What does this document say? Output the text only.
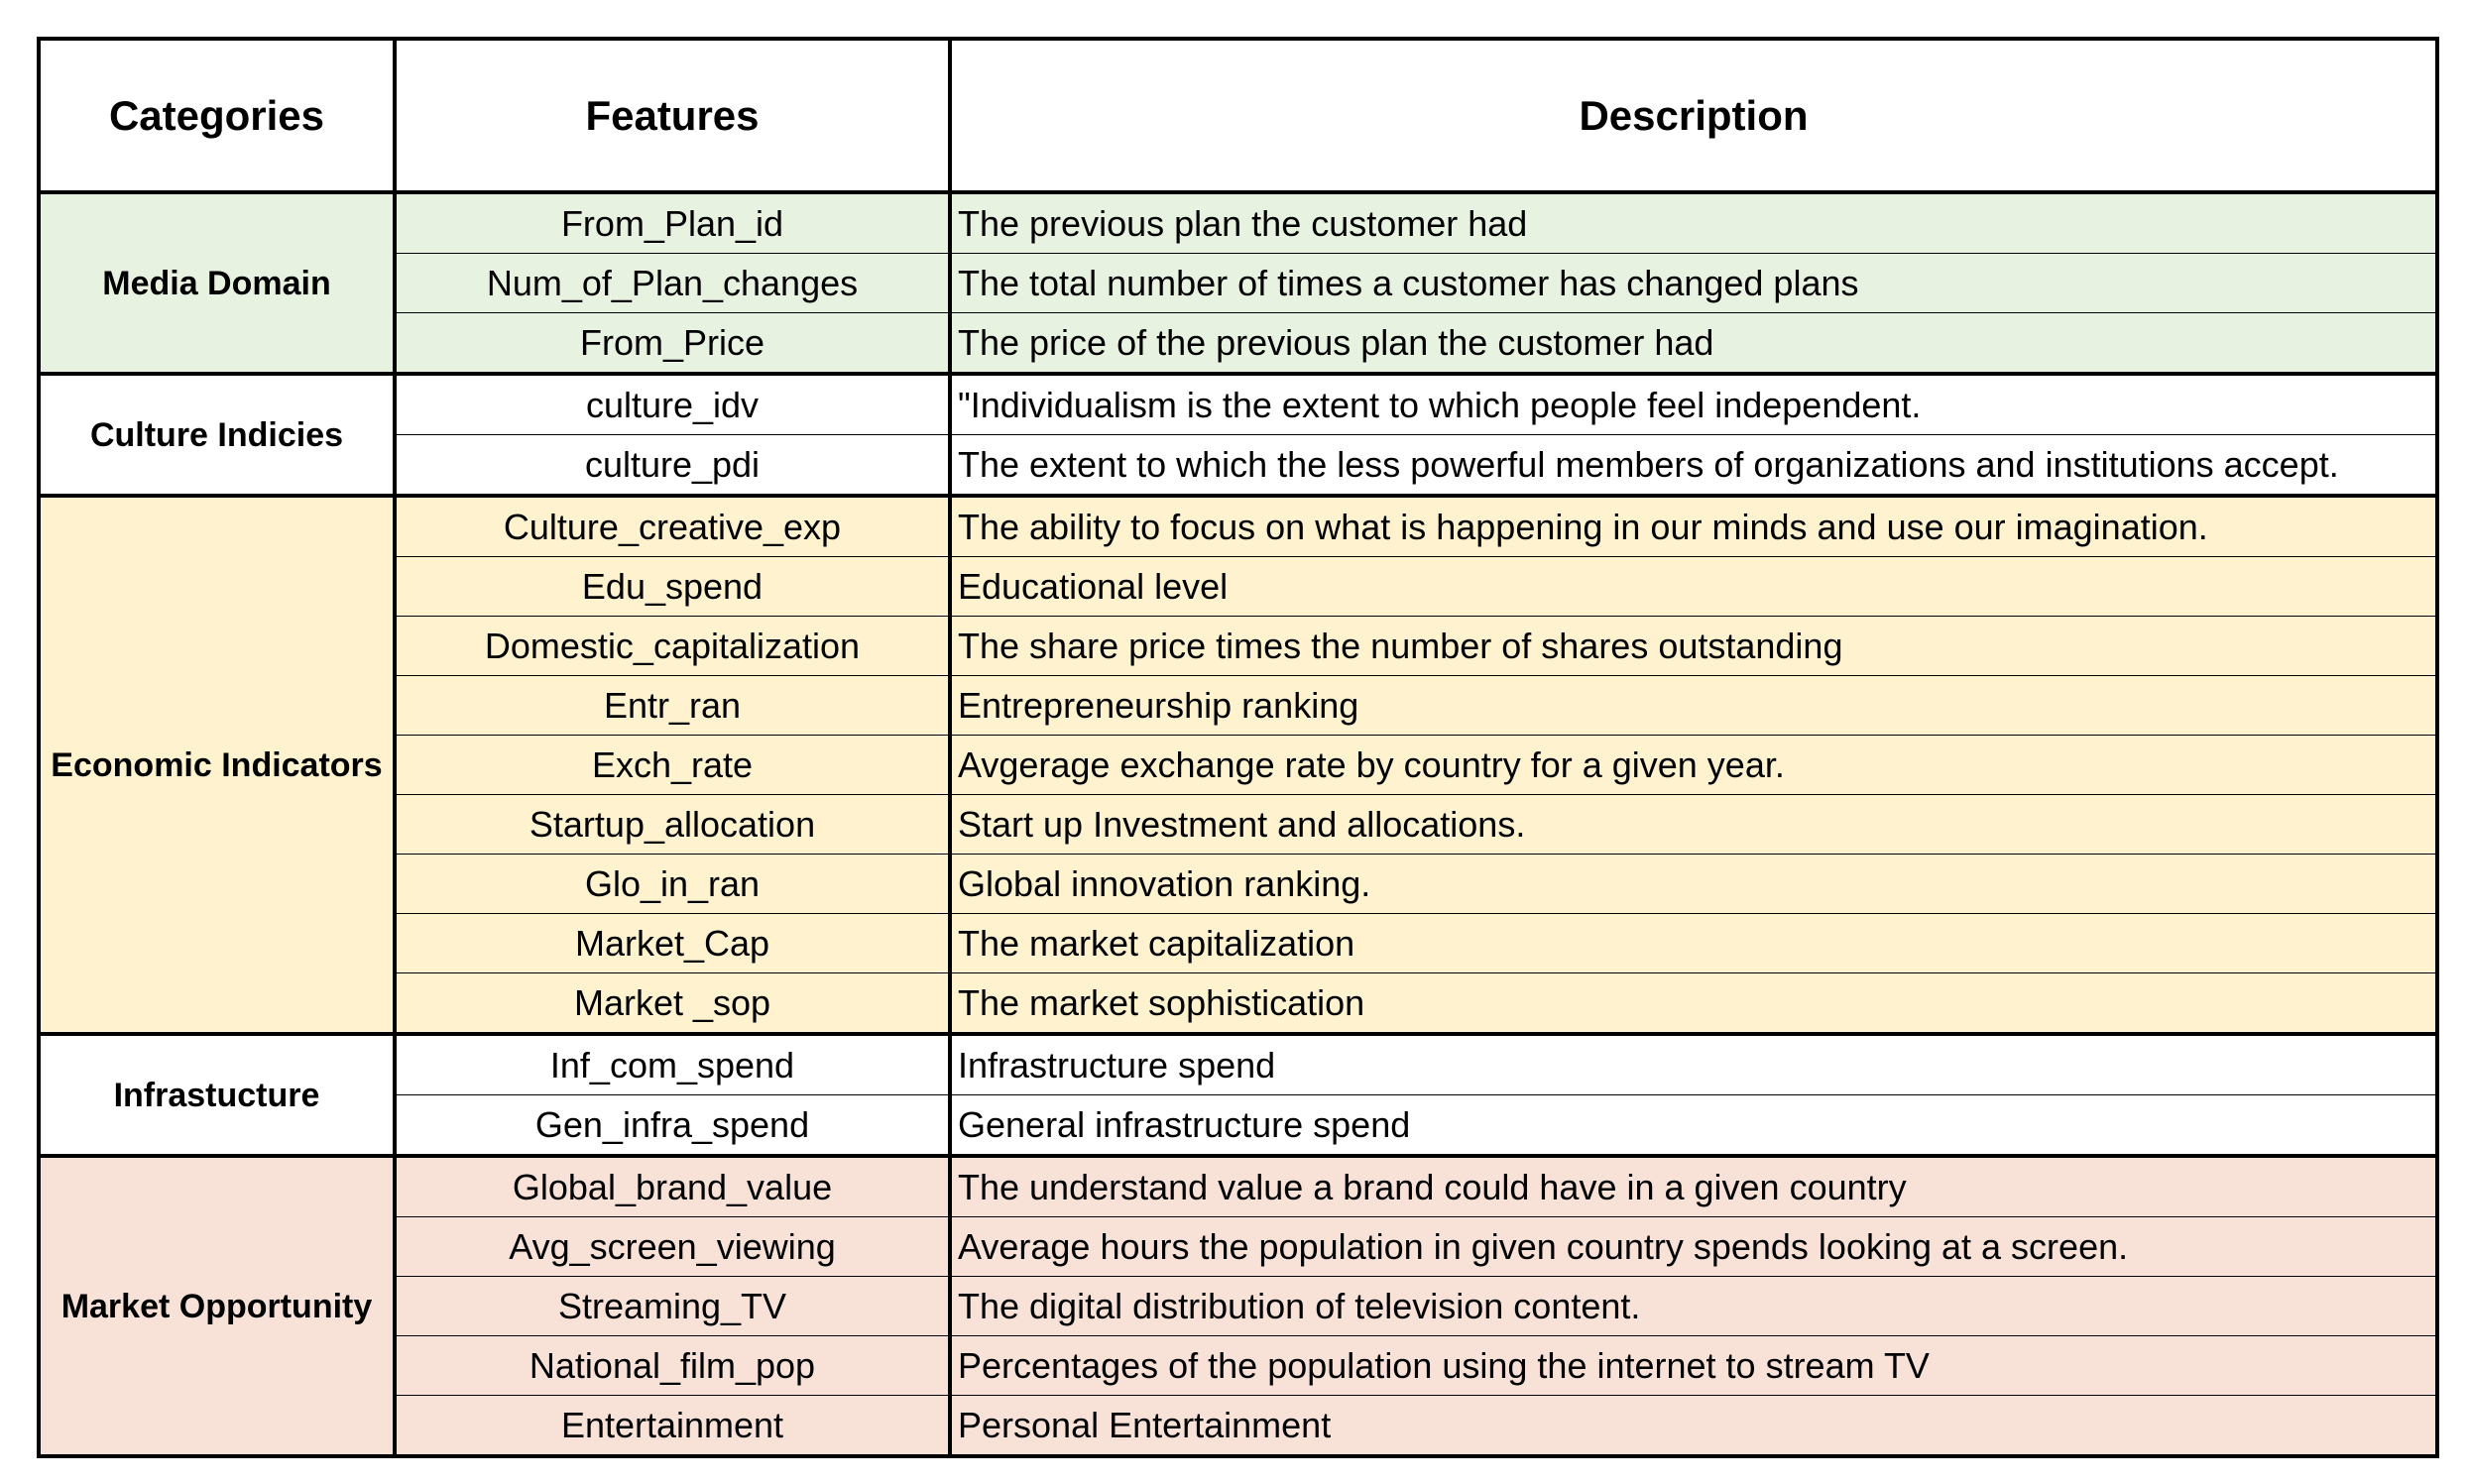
Categories	Features	Description
Media Domain	From_Plan_id	The previous plan the customer had
	Num_of_Plan_changes	The total number of times a customer has changed plans
	From_Price	The price of the previous plan the customer had
Culture Indicies	culture_idv	"Individualism is the extent to which people feel independent.
	culture_pdi	The extent to which the less powerful members of organizations and institutions accept.
Economic Indicators	Culture_creative_exp	The ability to focus on what is happening in our minds and use our imagination.
	Edu_spend	Educational level
	Domestic_capitalization	The share price times the number of shares outstanding
	Entr_ran	Entrepreneurship ranking
	Exch_rate	Avgerage exchange rate by country for a given year.
	Startup_allocation	Start up Investment and allocations.
	Glo_in_ran	Global innovation ranking.
	Market_Cap	The market capitalization
	Market _sop	The market sophistication
Infrastucture	Inf_com_spend	Infrastructure spend
	Gen_infra_spend	General infrastructure spend
Market Opportunity	Global_brand_value	The understand value a brand could have in a given country
	Avg_screen_viewing	Average hours the population in given country spends looking at a screen.
	Streaming_TV	The digital distribution of television content.
	National_film_pop	Percentages of the population using the internet to stream TV
	Entertainment	Personal Entertainment
